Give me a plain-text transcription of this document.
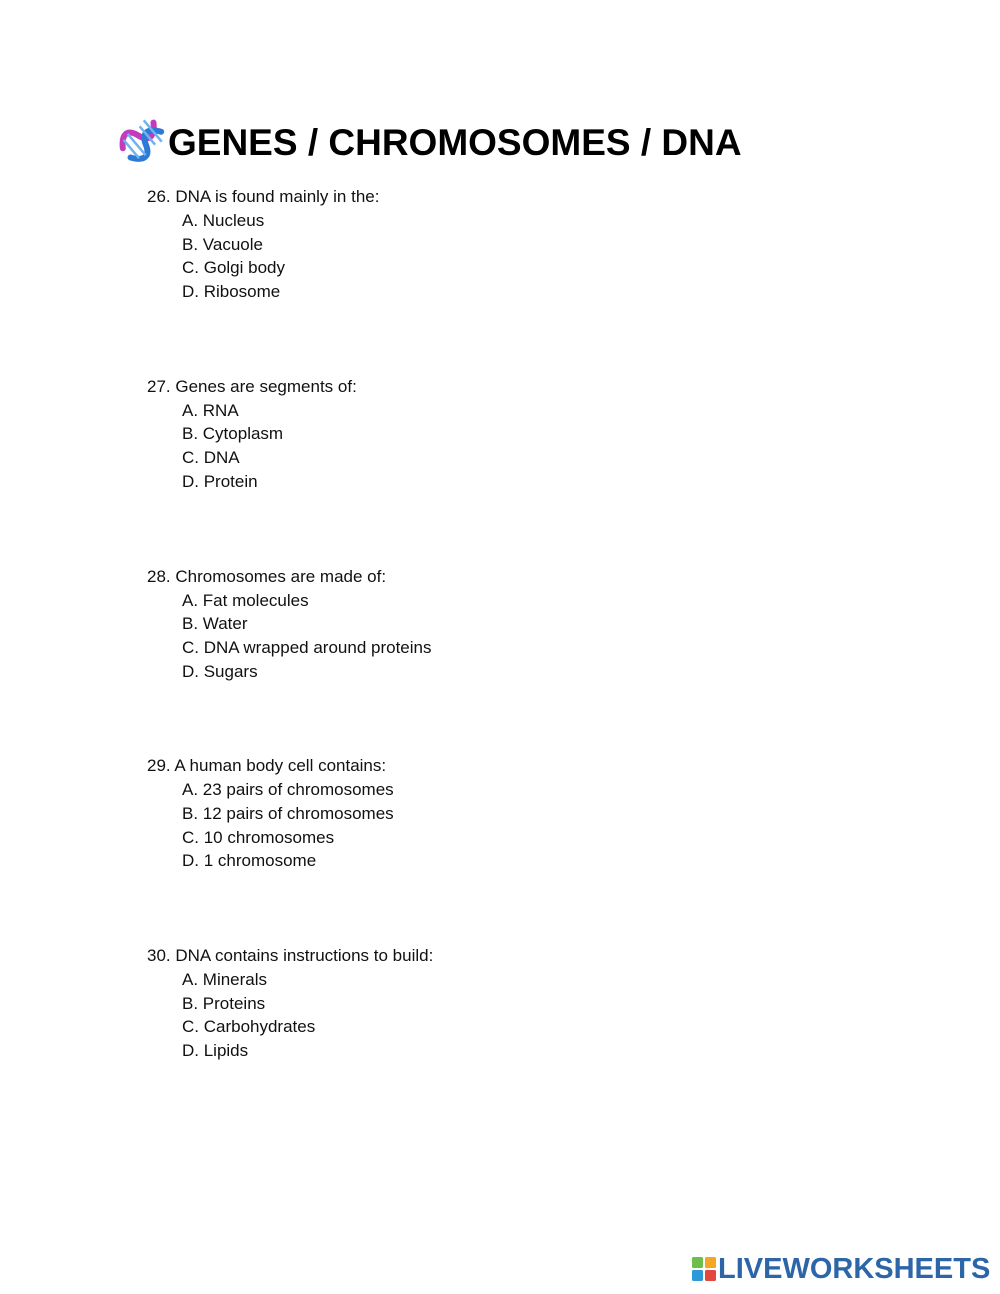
GENES / CHROMOSOMES / DNA
26. DNA is found mainly in the:
A. Nucleus
B. Vacuole
C. Golgi body
D. Ribosome
27. Genes are segments of:
A. RNA
B. Cytoplasm
C. DNA
D. Protein
28. Chromosomes are made of:
A. Fat molecules
B. Water
C. DNA wrapped around proteins
D. Sugars
29. A human body cell contains:
A. 23 pairs of chromosomes
B. 12 pairs of chromosomes
C. 10 chromosomes
D. 1 chromosome
30. DNA contains instructions to build:
A. Minerals
B. Proteins
C. Carbohydrates
D. Lipids
LIVEWORKSHEETS
